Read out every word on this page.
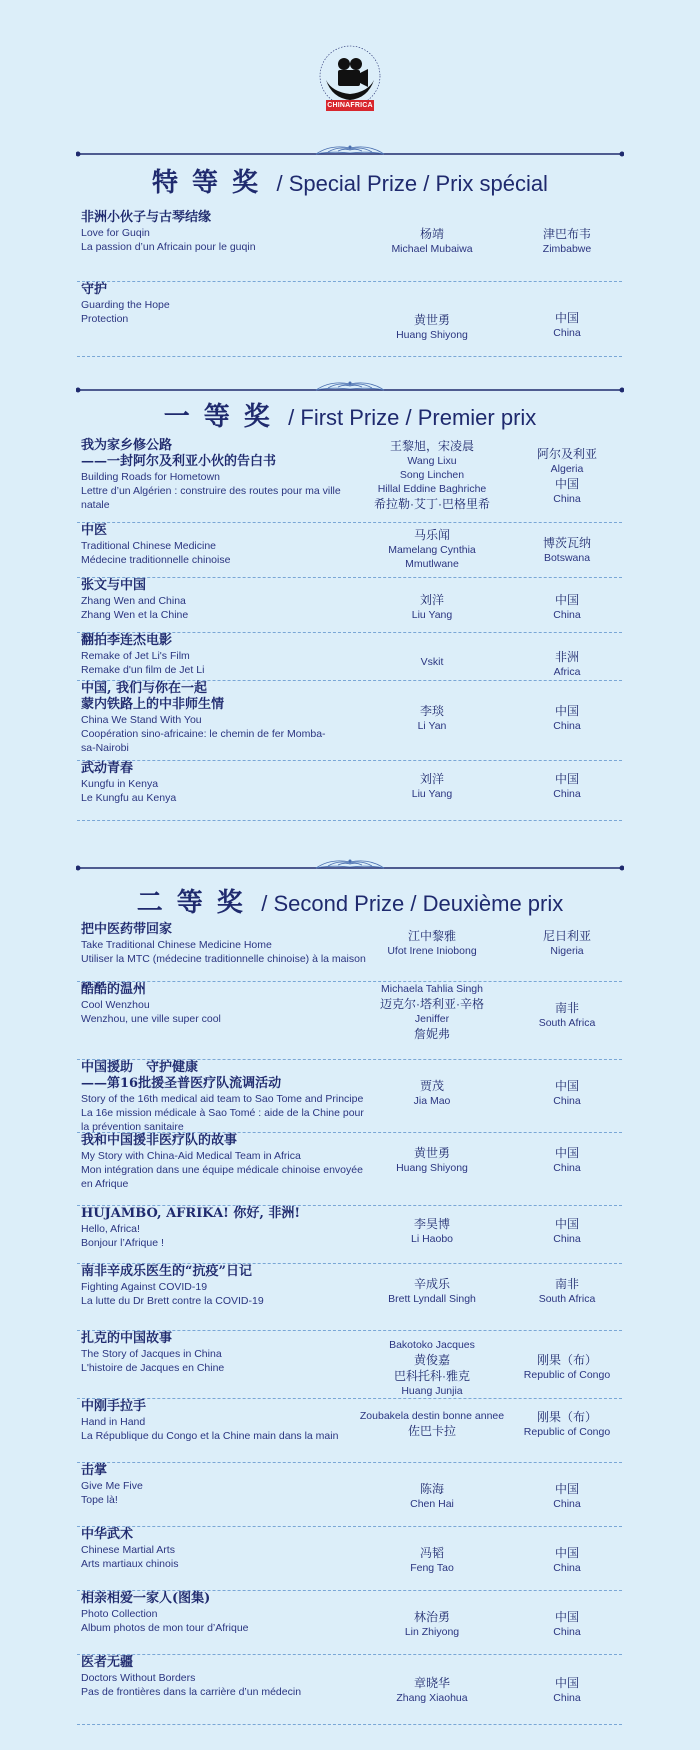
CHINAFRICA
特等奖 / Special Prize / Prix spécial
非洲小伙子与古琴结缘
Love for Guqin
La passion d’un Africain pour le guqin
杨靖
Michael Mubaiwa
津巴布韦
Zimbabwe
守护
Guarding the Hope
Protection	黄世勇
Huang Shiyong
中国
China
一等奖 / First Prize / Premier prix
我为家乡修公路
——一封阿尔及利亚小伙的告白书
Building Roads for Hometown
Lettre d’un Algérien : construire des routes pour ma ville
natale
王黎旭，宋凌晨
Wang Lixu
Song Linchen
Hillal Eddine Baghriche
希拉勒·艾丁·巴格里希
阿尔及利亚
Algeria
中国
China
中医
Traditional Chinese Medicine
Médecine traditionnelle chinoise
马乐闻
Mamelang Cynthia
Mmutlwane
博茨瓦纳
Botswana
张文与中国
Zhang Wen and China
Zhang Wen et la Chine
刘洋
Liu Yang
中国
China
翻拍李连杰电影
Remake of Jet Li's Film
Remake d'un film de Jet Li
Vskit	非洲
Africa
中国, 我们与你在一起
蒙内铁路上的中非师生情
China We Stand With You
Coopération sino-africaine: le chemin de fer Momba-
sa-Nairobi
李琰
Li Yan
中国
China
武动青春
Kungfu in Kenya
Le Kungfu au Kenya
刘洋
Liu Yang
中国
China
二等奖 / Second Prize / Deuxième prix
把中医药带回家
Take Traditional Chinese Medicine Home
Utiliser la MTC (médecine traditionnelle chinoise) à la maison
江中黎雅
Ufot Irene Iniobong
尼日利亚
Nigeria
酷酷的温州
Cool Wenzhou
Wenzhou, une ville super cool
Michaela Tahlia Singh
迈克尔·塔利亚·辛格
Jeniffer
詹妮弗
南非
South Africa
中国援助　守护健康
——第16批援圣普医疗队流调活动
Story of the 16th medical aid team to Sao Tome and Principe
La 16e mission médicale à Sao Tomé : aide de la Chine pour
la prévention sanitaire
贾茂
Jia Mao
中国
China
我和中国援非医疗队的故事
My Story with China-Aid Medical Team in Africa
Mon intégration dans une équipe médicale chinoise envoyée
en Afrique
黄世勇
Huang Shiyong
中国
China
HUJAMBO, AFRIKA! 你好, 非洲!
Hello, Africa!
Bonjour l’Afrique !
李昊博
Li Haobo
中国
China
南非辛成乐医生的“抗疫”日记
Fighting Against COVID-19
La lutte du Dr Brett contre la COVID-19
辛成乐
Brett Lyndall Singh
南非
South Africa
扎克的中国故事
The Story of Jacques in China
L'histoire de Jacques en Chine
Bakotoko Jacques
黄俊嘉
巴科托科·雅克
Huang Junjia
刚果（布）
Republic of Congo
中刚手拉手
Hand in Hand
La République du Congo et la Chine main dans la main
Zoubakela destin bonne annee
佐巴卡拉
刚果（布）
Republic of Congo
击掌
Give Me Five
Tope là!
陈海
Chen Hai
中国
China
中华武术
Chinese Martial Arts
Arts martiaux chinois
冯韬
Feng Tao
中国
China
相亲相爱一家人(图集)
Photo Collection
Album photos de mon tour d’Afrique
林治勇
Lin Zhiyong
中国
China
医者无疆
Doctors Without Borders
Pas de frontières dans la carrière d’un médecin
章晓华
Zhang Xiaohua
中国
China
